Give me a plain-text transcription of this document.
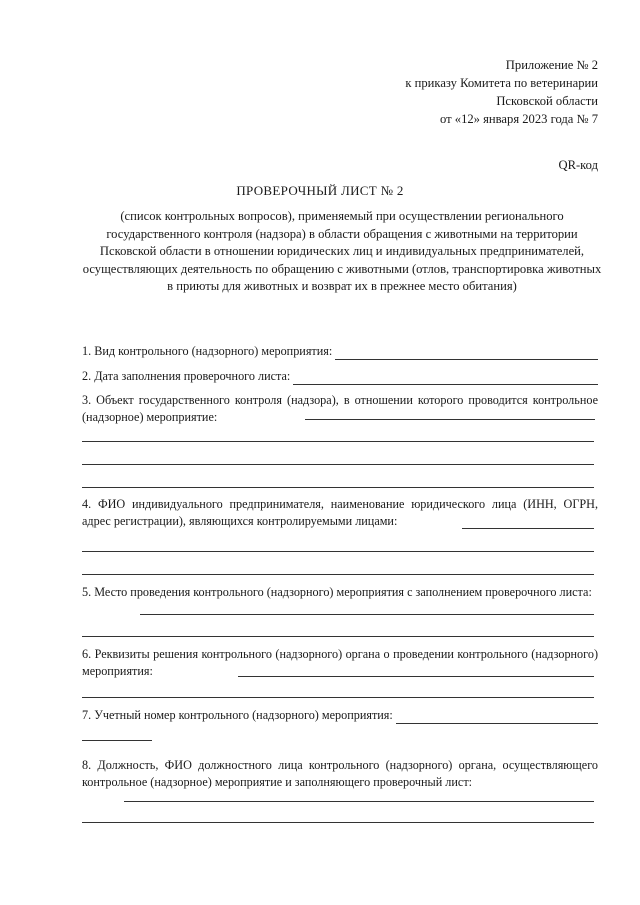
Приложение № 2
к приказу Комитета по ветеринарии
Псковской области
от «12» января 2023 года № 7
QR-код
ПРОВЕРОЧНЫЙ ЛИСТ № 2
(список контрольных вопросов), применяемый при осуществлении регионального государственного контроля (надзора) в области обращения с животными на территории Псковской области в отношении юридических лиц и индивидуальных предпринимателей, осуществляющих деятельность по обращению с животными (отлов, транспортировка животных в приюты для животных и возврат их в прежнее место обитания)
1. Вид контрольного (надзорного) мероприятия:
2. Дата заполнения проверочного листа:
3. Объект государственного контроля (надзора), в отношении которого проводится контрольное (надзорное) мероприятие:
4. ФИО индивидуального предпринимателя, наименование юридического лица (ИНН, ОГРН, адрес регистрации), являющихся контролируемыми лицами:
5. Место проведения контрольного (надзорного) мероприятия с заполнением проверочного листа:
6. Реквизиты решения контрольного (надзорного) органа о проведении контрольного (надзорного) мероприятия:
7. Учетный номер контрольного (надзорного) мероприятия:
8. Должность, ФИО должностного лица контрольного (надзорного) органа, осуществляющего контрольное (надзорное) мероприятие и заполняющего проверочный лист:
